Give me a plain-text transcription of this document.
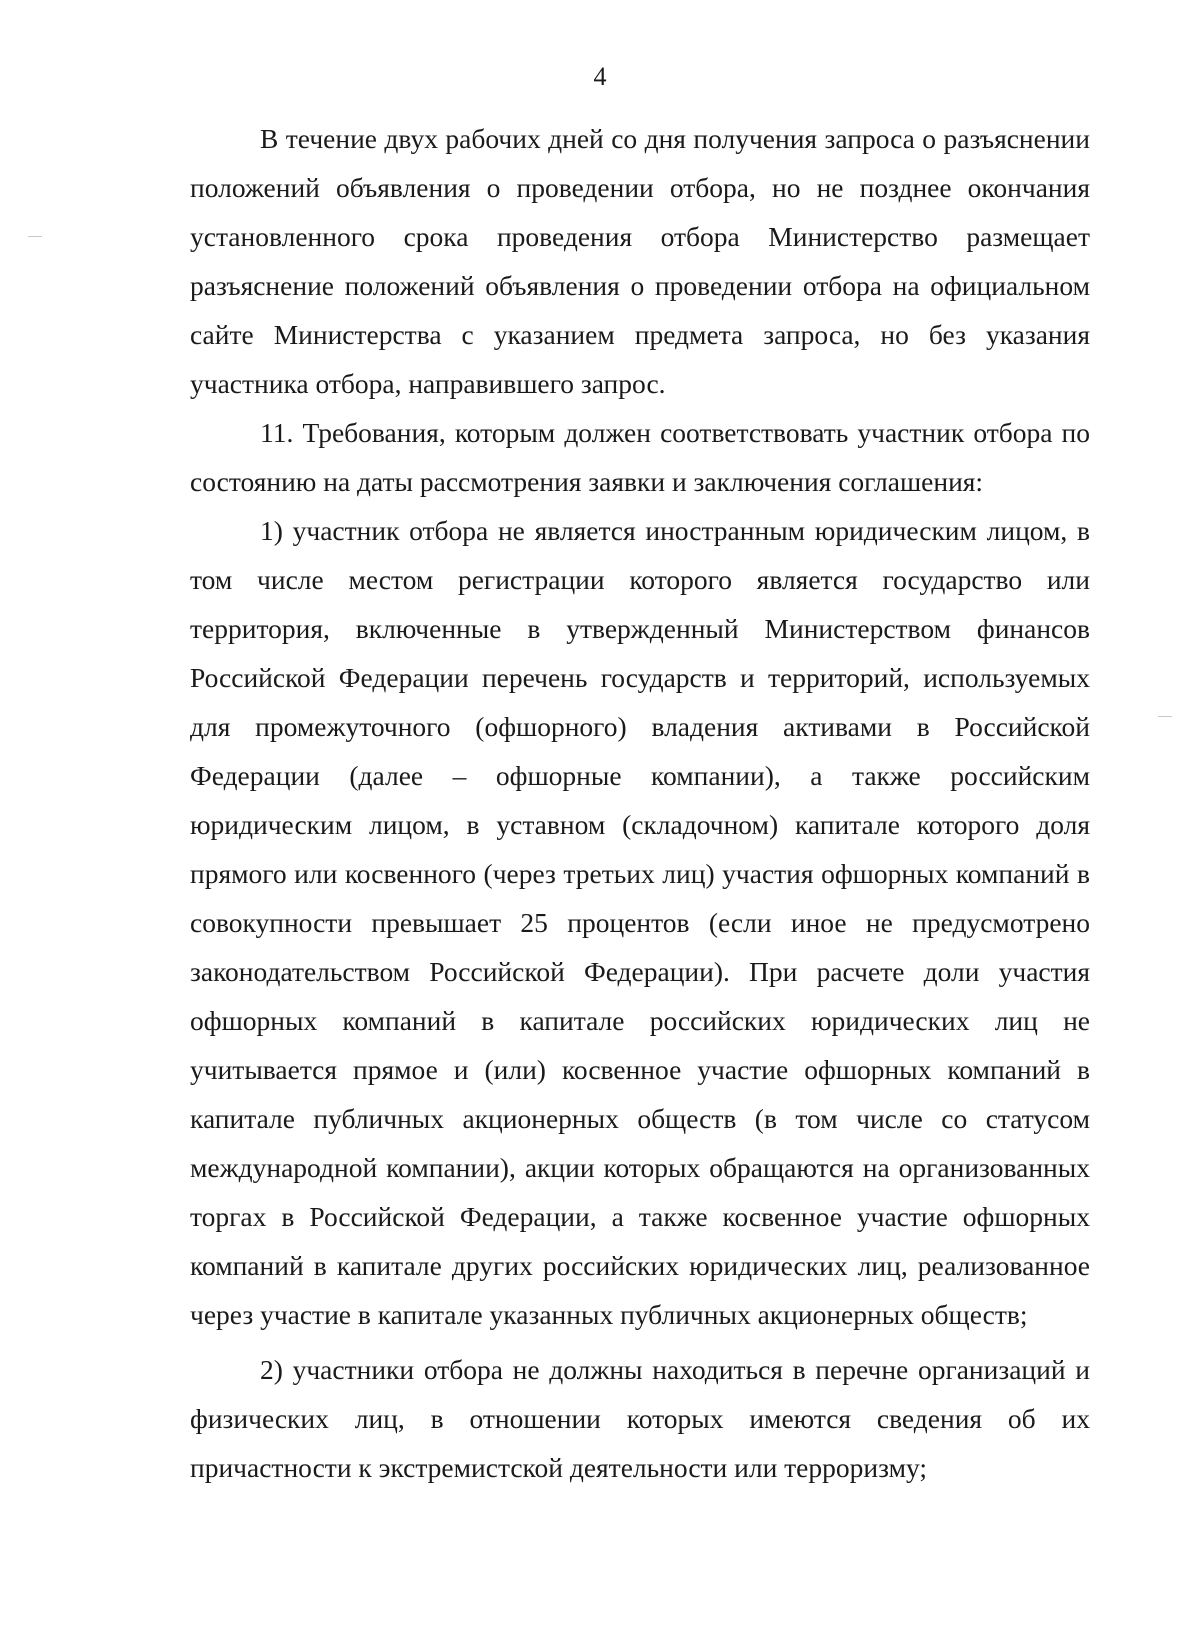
4

В течение двух рабочих дней со дня получения запроса о разъяснении положений объявления о проведении отбора, но не позднее окончания установленного срока проведения отбора Министерство размещает разъяснение положений объявления о проведении отбора на официальном сайте Министерства с указанием предмета запроса, но без указания участника отбора, направившего запрос.

11. Требования, которым должен соответствовать участник отбора по состоянию на даты рассмотрения заявки и заключения соглашения:

1) участник отбора не является иностранным юридическим лицом, в том числе местом регистрации которого является государство или территория, включенные в утвержденный Министерством финансов Российской Федерации перечень государств и территорий, используемых для промежуточного (офшорного) владения активами в Российской Федерации (далее – офшорные компании), а также российским юридическим лицом, в уставном (складочном) капитале которого доля прямого или косвенного (через третьих лиц) участия офшорных компаний в совокупности превышает 25 процентов (если иное не предусмотрено законодательством Российской Федерации). При расчете доли участия офшорных компаний в капитале российских юридических лиц не учитывается прямое и (или) косвенное участие офшорных компаний в капитале публичных акционерных обществ (в том числе со статусом международной компании), акции которых обращаются на организованных торгах в Российской Федерации, а также косвенное участие офшорных компаний в капитале других российских юридических лиц, реализованное через участие в капитале указанных публичных акционерных обществ;

2) участники отбора не должны находиться в перечне организаций и физических лиц, в отношении которых имеются сведения об их причастности к экстремистской деятельности или терроризму;
